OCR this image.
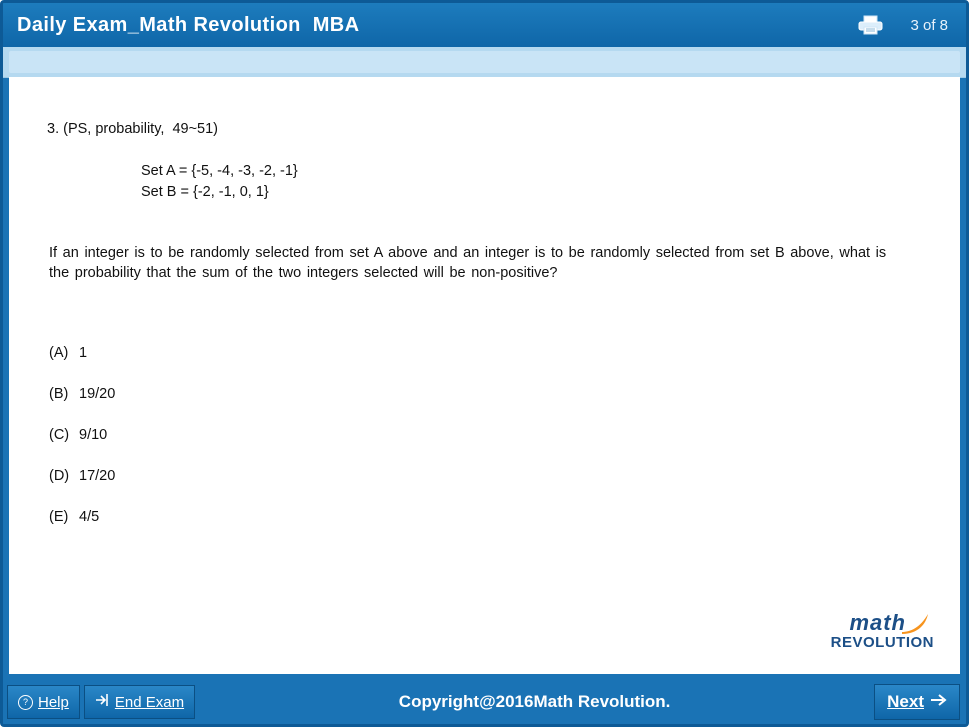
Daily Exam_Math Revolution  MBA	3 of 8
3. (PS, probability,  49~51)
Set A = {-5, -4, -3, -2, -1}
Set B = {-2, -1, 0, 1}
If an integer is to be randomly selected from set A above and an integer is to be randomly selected from set B above, what is the probability that the sum of the two integers selected will be non-positive?
(A) 1
(B) 19/20
(C) 9/10
(D) 17/20
(E) 4/5
math
REVOLUTION
? Help	End Exam	Copyright@2016Math Revolution.	Next
